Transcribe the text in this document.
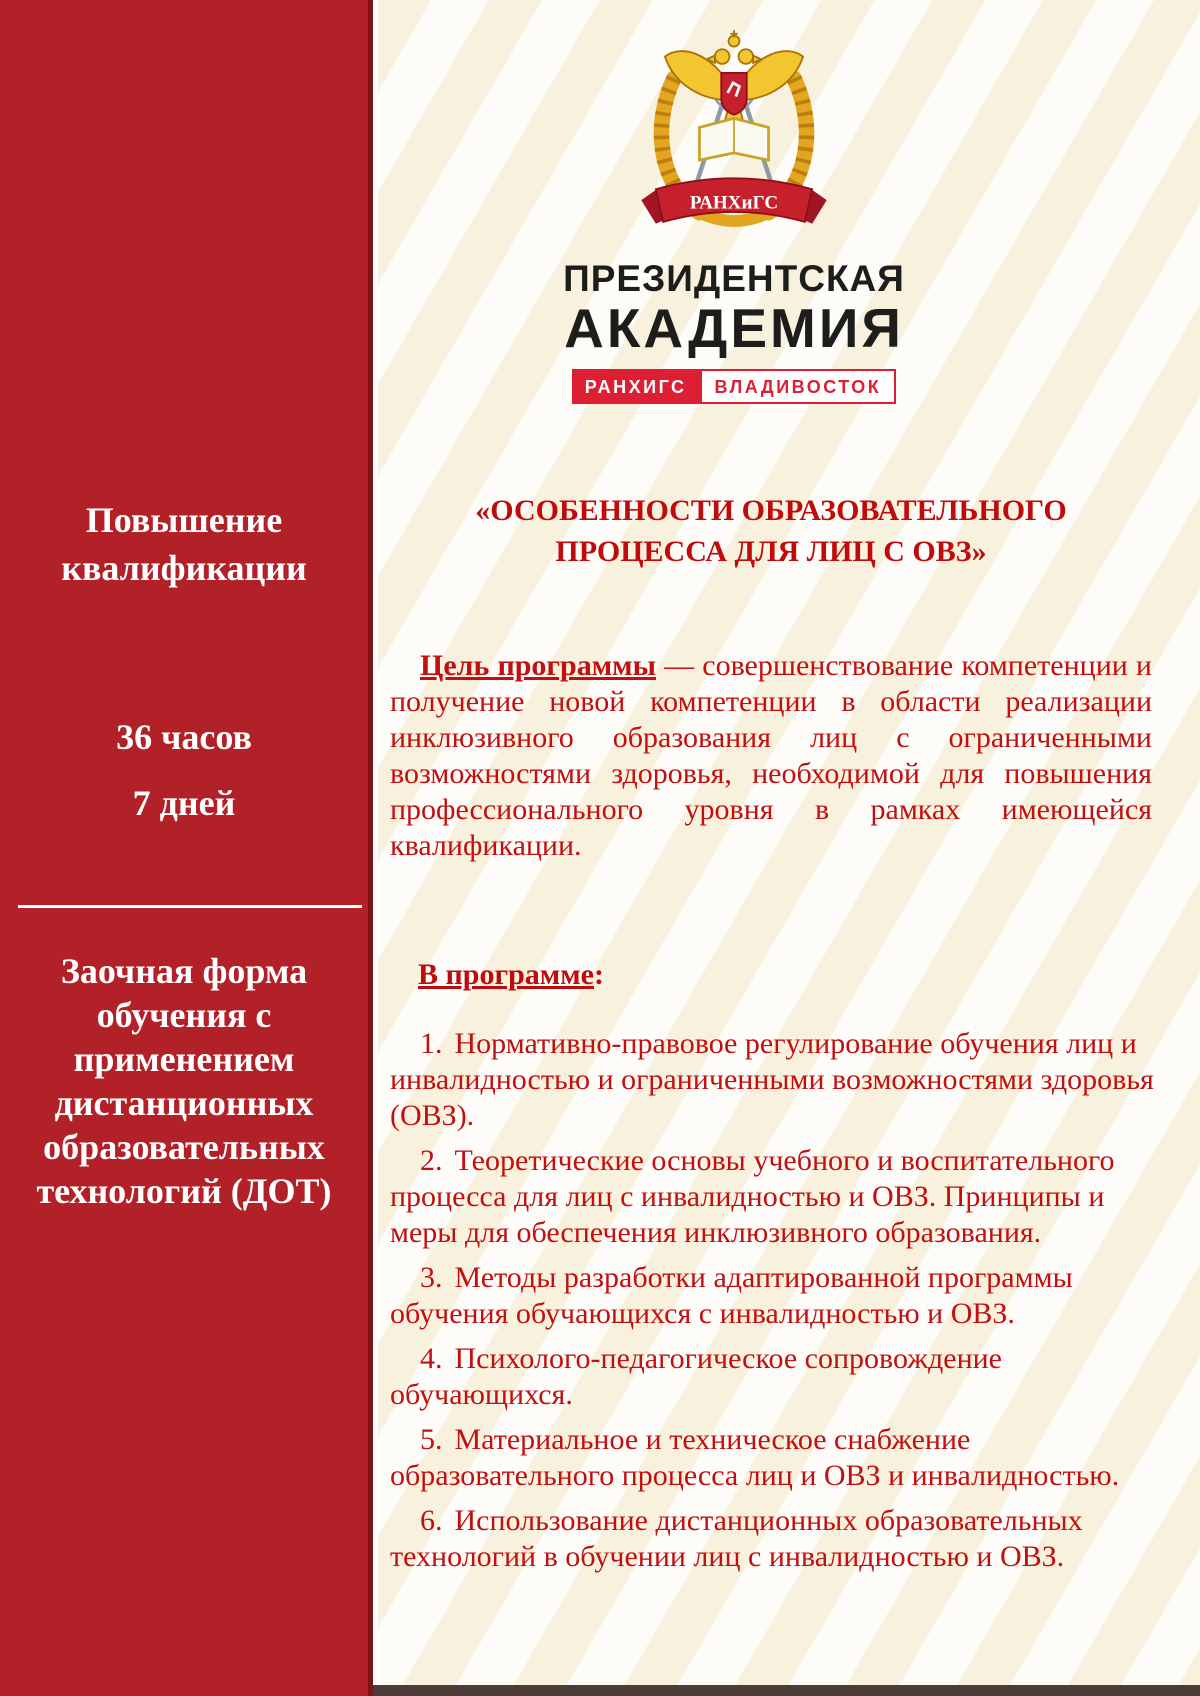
Повышение квалификации
36 часов
7 дней
Заочная форма обучения с применением дистанционных образовательных технологий (ДОТ)
РАНХиГС
ПРЕЗИДЕНТСКАЯ
АКАДЕМИЯ
РАНХИГС	ВЛАДИВОСТОК
«ОСОБЕННОСТИ ОБРАЗОВАТЕЛЬНОГО ПРОЦЕССА ДЛЯ ЛИЦ С ОВЗ»

Цель программы — совершенствование компетенции и получение новой компетенции в области реализации инклюзивного образования лиц с ограниченными возможностями здоровья, необходимой для повышения профессионального уровня в рамках имеющейся квалификации.

В программе:

1. Нормативно-правовое регулирование обучения лиц и инвалидностью и ограниченными возможностями здоровья (ОВЗ).

2. Теоретические основы учебного и воспитательного процесса для лиц с инвалидностью и ОВЗ. Принципы и меры для обеспечения инклюзивного образования.

3. Методы разработки адаптированной программы обучения обучающихся с инвалидностью и ОВЗ.

4. Психолого-педагогическое сопровождение обучающихся.

5. Материальное и техническое снабжение образовательного процесса лиц и ОВЗ и инвалидностью.

6. Использование дистанционных образовательных технологий в обучении лиц с инвалидностью и ОВЗ.
